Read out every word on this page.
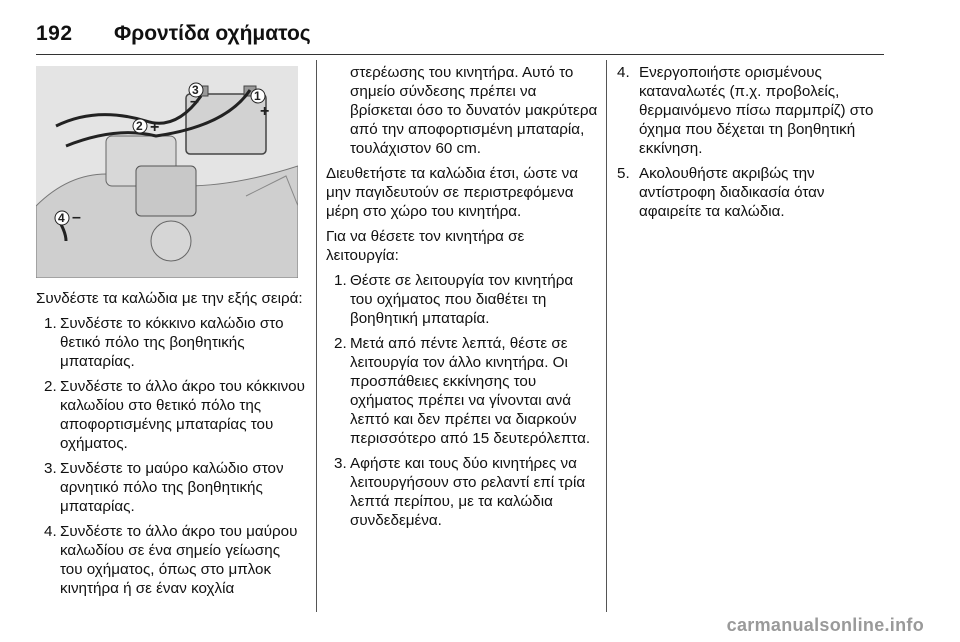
192 Φροντίδα οχήματος
1
+
2 +
3
–
4 –

Συνδέστε τα καλώδια με την εξής σειρά:

1. Συνδέστε το κόκκινο καλώδιο στο θετικό πόλο της βοηθητικής μπαταρίας.
2. Συνδέστε το άλλο άκρο του κόκκινου καλωδίου στο θετικό πόλο της αποφορτισμένης μπαταρίας του οχήματος.
3. Συνδέστε το μαύρο καλώδιο στον αρνητικό πόλο της βοηθητικής μπαταρίας.
4. Συνδέστε το άλλο άκρο του μαύρου καλωδίου σε ένα σημείο γείωσης του οχήματος, όπως στο μπλοκ κινητήρα ή σε έναν κοχλία
στερέωσης του κινητήρα. Αυτό το σημείο σύνδεσης πρέπει να βρίσκεται όσο το δυνατόν μακρύτερα από την αποφορτισμένη μπαταρία, τουλάχιστον 60 cm.

Διευθετήστε τα καλώδια έτσι, ώστε να μην παγιδευτούν σε περιστρεφόμενα μέρη στο χώρο του κινητήρα.

Για να θέσετε τον κινητήρα σε λειτουργία:

1. Θέστε σε λειτουργία τον κινητήρα του οχήματος που διαθέτει τη βοηθητική μπαταρία.
2. Μετά από πέντε λεπτά, θέστε σε λειτουργία τον άλλο κινητήρα. Οι προσπάθειες εκκίνησης του οχήματος πρέπει να γίνονται ανά λεπτό και δεν πρέπει να διαρκούν περισσότερο από 15 δευτερόλεπτα.
3. Αφήστε και τους δύο κινητήρες να λειτουργήσουν στο ρελαντί επί τρία λεπτά περίπου, με τα καλώδια συνδεδεμένα.
4. Ενεργοποιήστε ορισμένους καταναλωτές (π.χ. προβολείς, θερμαινόμενο πίσω παρμπρίζ) στο όχημα που δέχεται τη βοηθητική εκκίνηση.
5. Ακολουθήστε ακριβώς την αντίστροφη διαδικασία όταν αφαιρείτε τα καλώδια.
carmanualsonline.info
